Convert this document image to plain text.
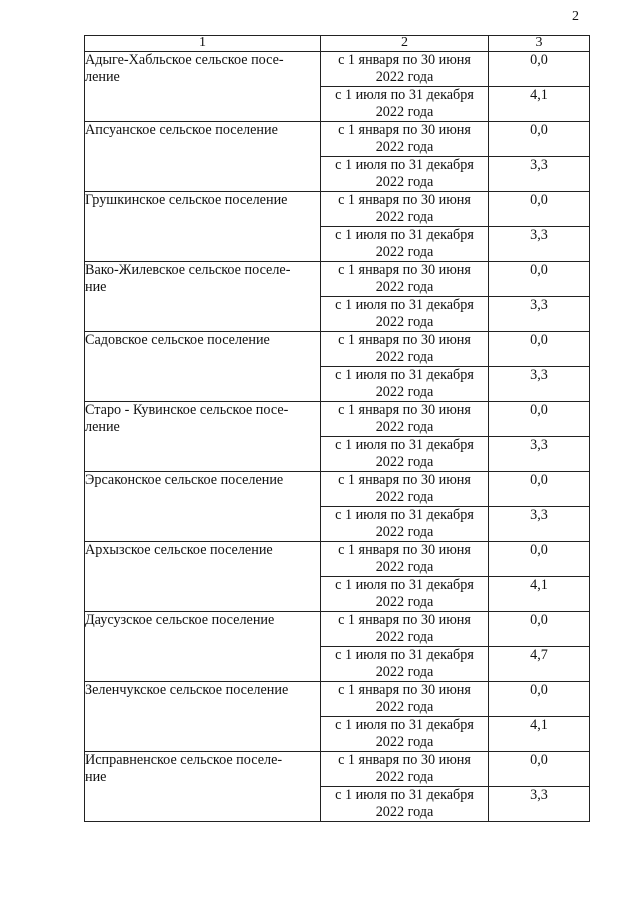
2
1	2	3
Адыге-Хабльское сельское посе-
ление	с 1 января по 30 июня
2022 года	0,0
	с 1 июля по 31 декабря
2022 года	4,1
Апсуанское сельское поселение	с 1 января по 30 июня
2022 года	0,0
	с 1 июля по 31 декабря
2022 года	3,3
Грушкинское сельское поселение	с 1 января по 30 июня
2022 года	0,0
	с 1 июля по 31 декабря
2022 года	3,3
Вако-Жилевское сельское поселе-
ние	с 1 января по 30 июня
2022 года	0,0
	с 1 июля по 31 декабря
2022 года	3,3
Садовское сельское поселение	с 1 января по 30 июня
2022 года	0,0
	с 1 июля по 31 декабря
2022 года	3,3
Старо - Кувинское сельское посе-
ление	с 1 января по 30 июня
2022 года	0,0
	с 1 июля по 31 декабря
2022 года	3,3
Эрсаконское сельское поселение	с 1 января по 30 июня
2022 года	0,0
	с 1 июля по 31 декабря
2022 года	3,3
Архызское сельское поселение	с 1 января по 30 июня
2022 года	0,0
	с 1 июля по 31 декабря
2022 года	4,1
Даусузское сельское поселение	с 1 января по 30 июня
2022 года	0,0
	с 1 июля по 31 декабря
2022 года	4,7
Зеленчукское сельское поселение	с 1 января по 30 июня
2022 года	0,0
	с 1 июля по 31 декабря
2022 года	4,1
Исправненское сельское поселе-
ние	с 1 января по 30 июня
2022 года	0,0
	с 1 июля по 31 декабря
2022 года	3,3
